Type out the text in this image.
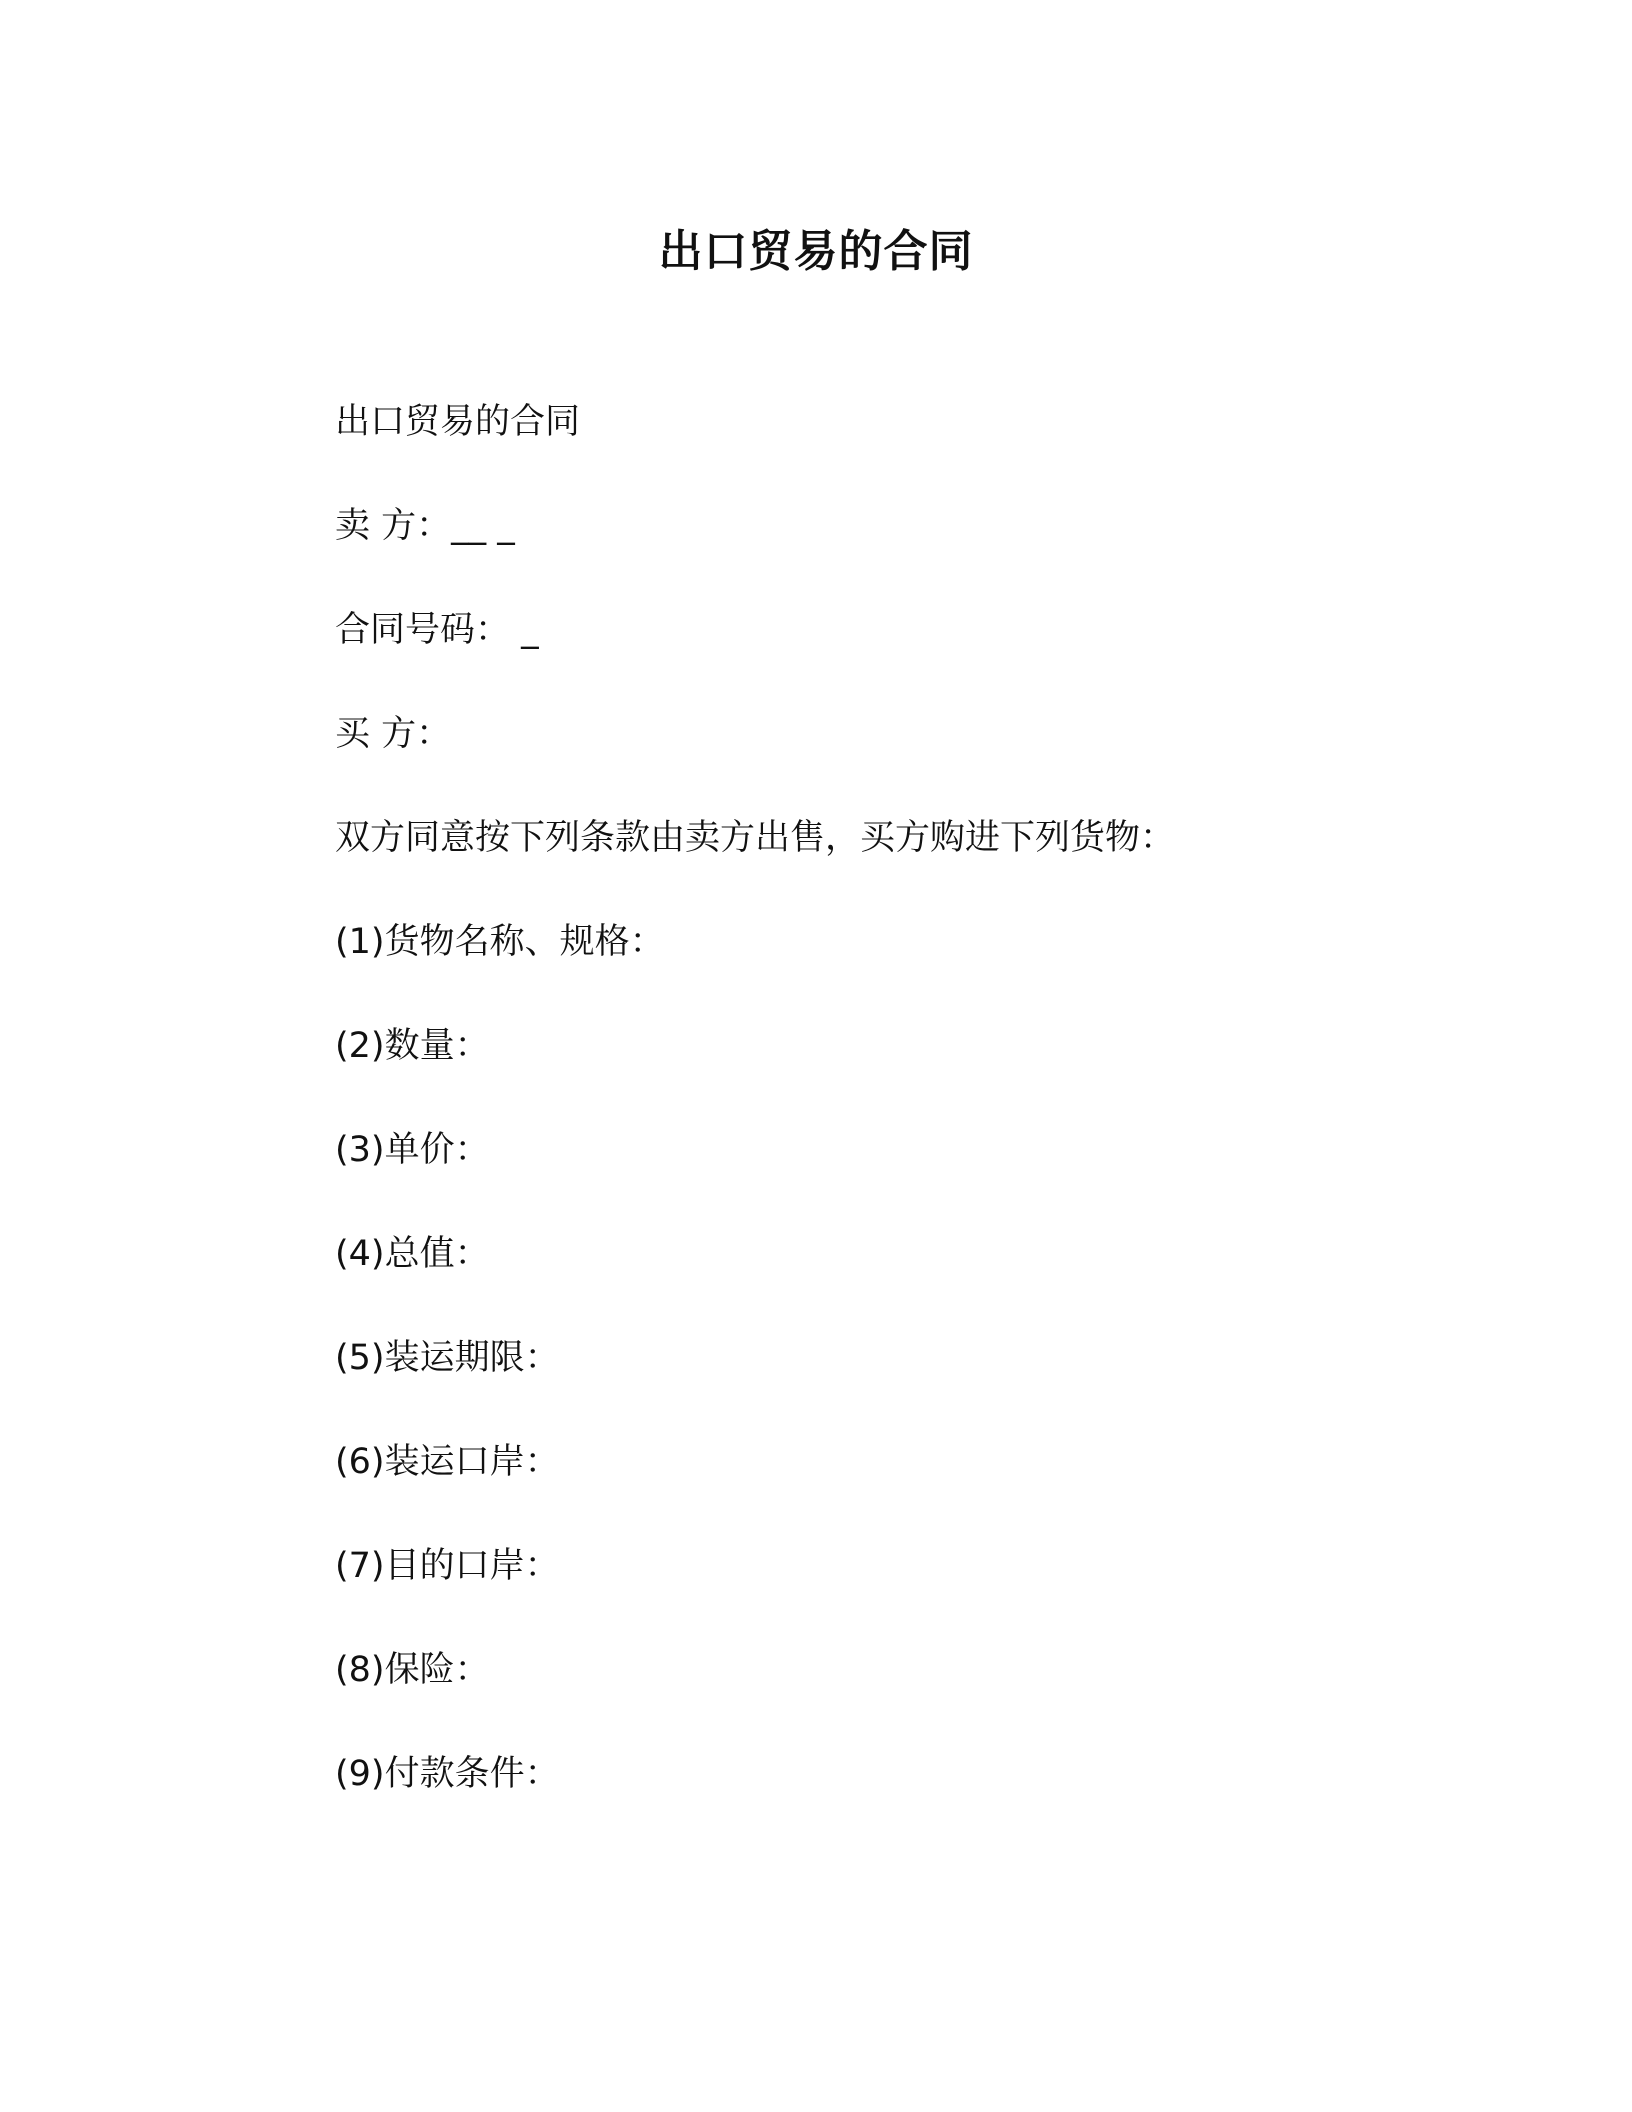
出口贸易的合同
出口贸易的合同
卖 方：__ _
合同号码： _
买 方：
双方同意按下列条款由卖方出售，买方购进下列货物：
(1)货物名称、规格：
(2)数量：
(3)单价：
(4)总值：
(5)装运期限：
(6)装运口岸：
(7)目的口岸：
(8)保险：
(9)付款条件：
